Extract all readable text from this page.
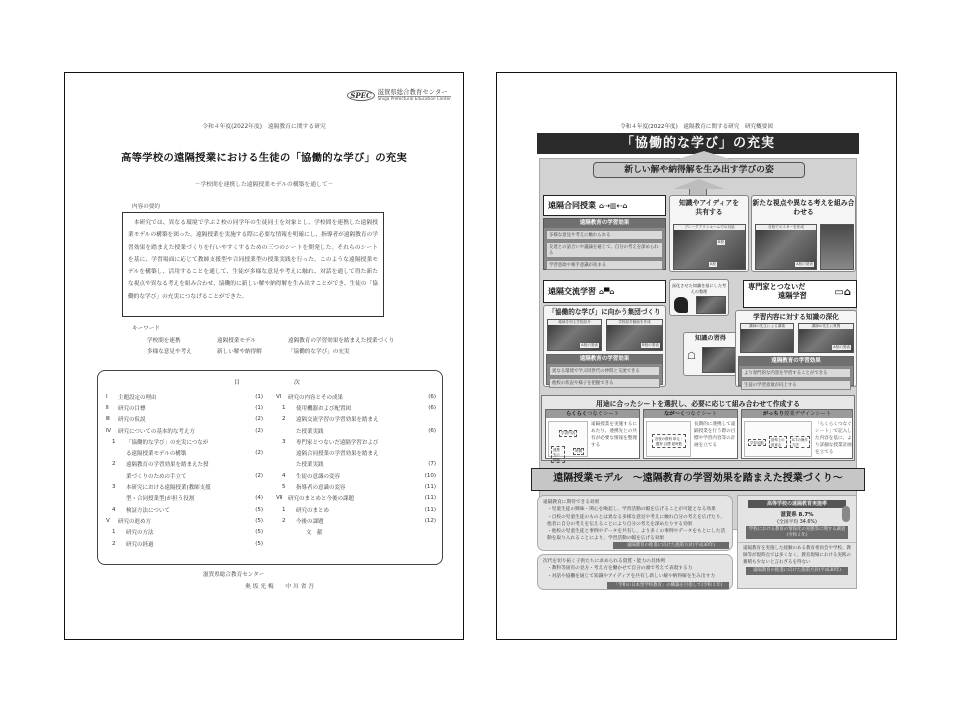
SPEC 滋賀県総合教育センター
Shiga Prefectural Education Center
令和４年度(2022年度)　遠隔教育に関する研究
高等学校の遠隔授業における生徒の「協働的な学び」の充実
－学校間を連携した遠隔授業モデルの構築を通して－
内容の要約
本研究では、異なる環境で学ぶ２校の同学年の生徒同士を対象とし、学校間を連携した遠隔授業モデルの構築を図った。遠隔授業を実施する際に必要な情報を明確にし、指導者が遠隔教育の学習効果を踏まえた授業づくりを行いやすくするための三つのシートを開発した。それらのシートを基に、学習場面に応じて教師支援型や合同授業型の授業実践を行った。このような遠隔授業モデルを構築し、活用することを通して、生徒が多様な意見や考えに触れ、対話を通して得た新たな視点や異なる考えを組み合わせ、協働的に新しい解や納得解を生み出すことができ、生徒の「協働的な学び」の充実につなげることができた。
キーワード
学校間を連携	遠隔授業モデル	遠隔教育の学習効果を踏まえた授業づくり
多様な意見や考え	新しい解や納得解	「協働的な学び」の充実
目	次
Ⅰ	主題設定の理由	(1)
Ⅱ	研究の目標	(1)
Ⅲ	研究の仮説	(2)
Ⅳ	研究についての基本的な考え方	(2)
1	「協働的な学び」の充実につなが
る遠隔授業モデルの構築	(2)
2	遠隔教育の学習効果を踏まえた授
業づくりのための手立て	(2)
3	本研究における遠隔授業(教師支援
型・合同授業型)が担う役割	(4)
4	検証方法について	(5)
Ⅴ	研究の進め方	(5)
1	研究の方法	(5)
2	研究の経過	(5)
Ⅵ	研究の内容とその成果	(6)
1	使用機器および配置図	(6)
2	遠隔交流学習の学習効果を踏まえ
た授業実践	(6)
3	専門家とつないだ遠隔学習および
遠隔合同授業の学習効果を踏まえ
た授業実践	(7)
4	生徒の意識の変容	(10)
5	指導者の意識の変容	(11)
Ⅶ	研究のまとめと今後の課題	(11)
1	研究のまとめ	(11)
2	今後の課題	(12)
文　献
滋賀県総合教育センター
奥 坂 光 梅　　中 川 省 吾
令和４年度(2022年度)　遠隔教育に関する研究　研究概要図
「協働的な学び」の充実
新しい解や納得解を生み出す学びの姿
遠隔合同授業 ⌂⇢▥⇠⌂
遠隔教育の学習効果
多様な意見や考えに触れられる
友達との話合いや議論を通じて、自分の考えを深められる
学習意欲や相手意識が高まる
知識やアイディアを共有する
ブレークアウトルームでの対話
B校
A校
新たな視点や異なる考えを組み合わせる
各校でポスターを作成
A校の発表
遠隔交流学習 ⌂▀⌂
「協働的な学び」に向かう集団づくり
地域を知る学校紹介
A校の発表
学校紹介動画を作成
B校の発表
遠隔教育の学習効果
異なる環境で学ぶ同世代の仲間と交流できる
他校の状況や様子を把握できる
深化させた知識を基にした考えの整理
知識の習得
☖
専門家とつないだ
遠隔学習	▭⌂
学習内容に対する知識の深化
講師の先生による講義	講師の先生に質問
A校の発表
遠隔教育の学習効果
より専門的な内容を学習することができる
生徒の学習意欲が向上する
用途に合ったシートを選択し、必要に応じて組み合わせて作成する
らくらくつなぐシート
学習内容
連携先の情報
時間
遠隔授業を実施するにあたり、連携先との共有が必要な情報を整理する
なが～くつなぐシート
各校の教科 単元・題材 目標 総時数
長期的に連携して遠隔授業を行う際の目標や学習内容等の計画を立てる
がっちり授業デザインシート
学習活動
指導上の留意点
ICTの操作方法
「らくらくつなぐシート」で記入した内容を基に、より詳細な授業計画を立てる
遠隔授業モデル　～遠隔教育の学習効果を踏まえた授業づくり～
遠隔教育に期待できる効果
・児童生徒の興味・関心を喚起し、学習活動の幅を広げることが可能となる効果
・自校の児童生徒のものとは異なる多様な意見や考えに触れ自分の考えを広げたり、他者に自分の考えを伝えることにより自分の考えを深めたりする効果
・他校の児童生徒と事例やデータを共有し、より多くの事例やデータをもとにした活動を取り入れることにより、学習活動の幅を広げる効果
遠隔教育の推進に向けた施策方針(平成30年)
次代を切り拓く子供たちに求められる資質・能力の具体例
・教科等固有の見方・考え方を働かせて自分の頭で考えて表現する力
・対話や協働を通じて知識やアイディアを共有し新しい解や納得解を生み出す力
「令和の日本型学校教育」の構築を目指して(令和３年)
高等学校の遠隔教育実施率
滋賀県 8.7%
(全国平均 34.6%)
学校における教育の情報化の実態等に関する調査(令和２年)
遠隔教育を実施した経験のある教育委員会や学校、教師等が現時点では多くなく、教育現場における実践の蓄積も少ないと言わざるを得ない
遠隔教育の推進に向けた施策方針(平成30年)
